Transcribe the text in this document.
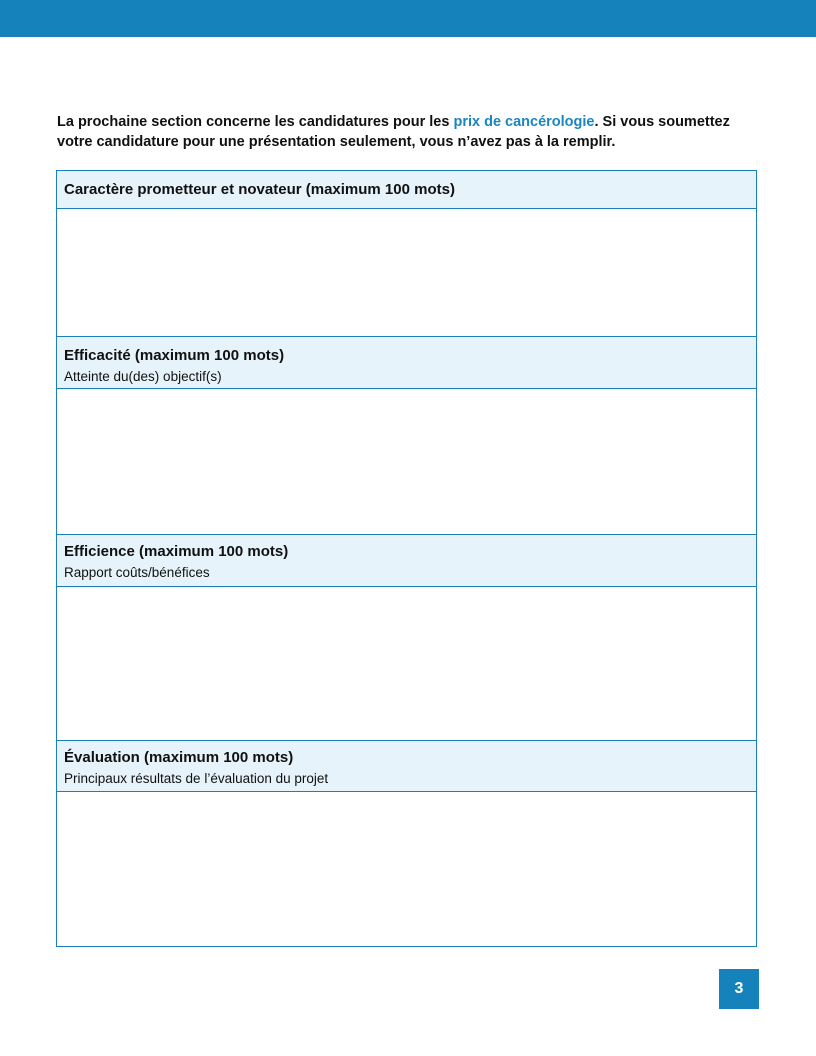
La prochaine section concerne les candidatures pour les prix de cancérologie. Si vous soumettez votre candidature pour une présentation seulement, vous n’avez pas à la remplir.

Caractère prometteur et novateur (maximum 100 mots)
Efficacité (maximum 100 mots)
Atteinte du(des) objectif(s)
Efficience (maximum 100 mots)
Rapport coûts/bénéfices
Évaluation (maximum 100 mots)
Principaux résultats de l’évaluation du projet
3
